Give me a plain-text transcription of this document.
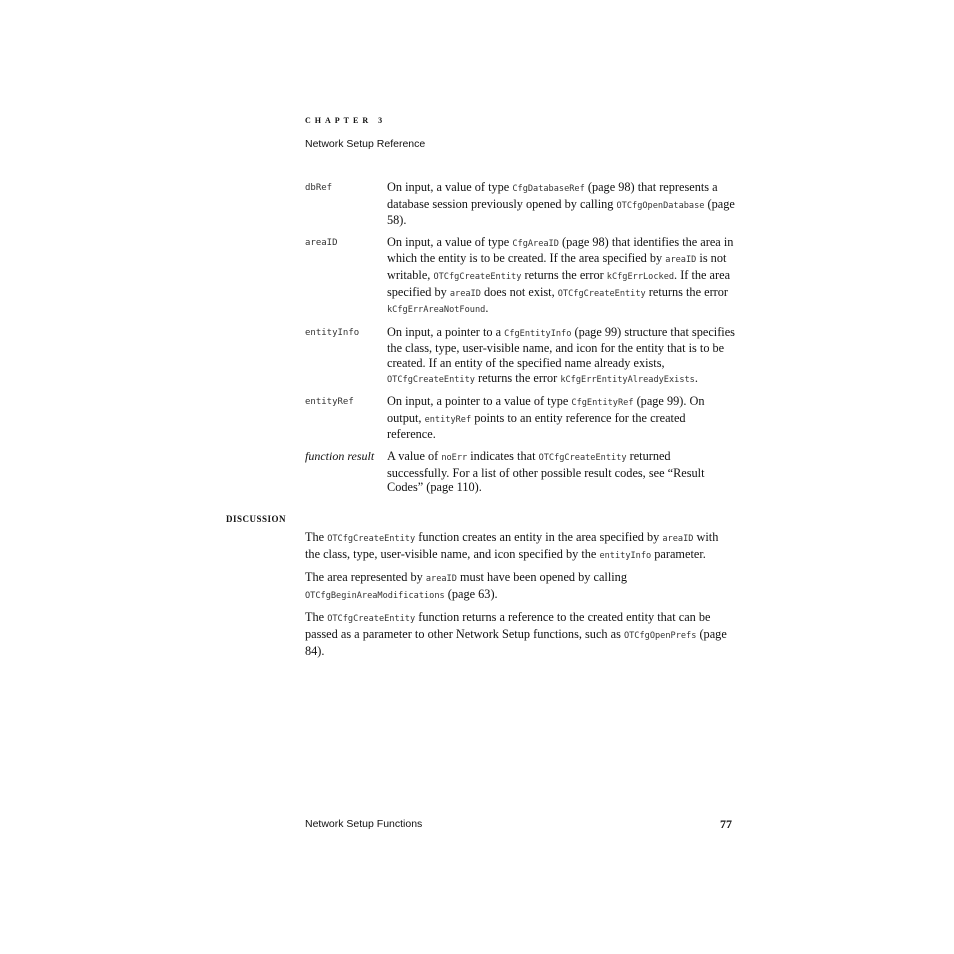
CHAPTER 3
Network Setup Reference
dbRef	On input, a value of type CfgDatabaseRef (page 98) that represents a database session previously opened by calling OTCfgOpenDatabase (page 58).
areaID	On input, a value of type CfgAreaID (page 98) that identifies the area in which the entity is to be created. If the area specified by areaID is not writable, OTCfgCreateEntity returns the error kCfgErrLocked. If the area specified by areaID does not exist, OTCfgCreateEntity returns the error kCfgErrAreaNotFound.
entityInfo	On input, a pointer to a CfgEntityInfo (page 99) structure that specifies the class, type, user-visible name, and icon for the entity that is to be created. If an entity of the specified name already exists, OTCfgCreateEntity returns the error kCfgErrEntityAlreadyExists.
entityRef	On input, a pointer to a value of type CfgEntityRef (page 99). On output, entityRef points to an entity reference for the created reference.
function result	A value of noErr indicates that OTCfgCreateEntity returned successfully. For a list of other possible result codes, see “Result Codes” (page 110).
DISCUSSION

The OTCfgCreateEntity function creates an entity in the area specified by areaID with the class, type, user-visible name, and icon specified by the entityInfo parameter.

The area represented by areaID must have been opened by calling OTCfgBeginAreaModifications (page 63).

The OTCfgCreateEntity function returns a reference to the created entity that can be passed as a parameter to other Network Setup functions, such as OTCfgOpenPrefs (page 84).

Network Setup Functions	77
